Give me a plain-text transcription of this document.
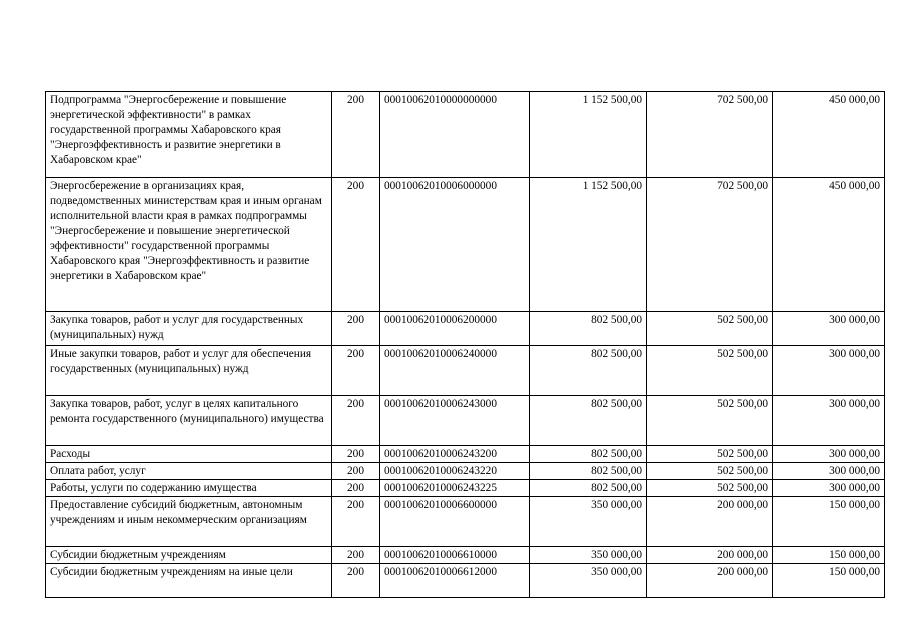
Подпрограмма "Энергосбережение и повышение энергетической эффективности" в рамках государственной программы Хабаровского края "Энергоэффективность и развитие энергетики в Хабаровском крае"	200	00010062010000000000	1 152 500,00	702 500,00	450 000,00
Энергосбережение в организациях края, подведомственных министерствам края и иным органам исполнительной власти края в рамках подпрограммы "Энергосбережение и повышение энергетической эффективности" государственной программы Хабаровского края "Энергоэффективность и развитие энергетики в Хабаровском крае"	200	00010062010006000000	1 152 500,00	702 500,00	450 000,00
Закупка товаров, работ и услуг для государственных (муниципальных) нужд	200	00010062010006200000	802 500,00	502 500,00	300 000,00
Иные закупки товаров, работ и услуг для обеспечения государственных (муниципальных) нужд	200	00010062010006240000	802 500,00	502 500,00	300 000,00
Закупка товаров, работ, услуг в целях капитального ремонта государственного (муниципального) имущества	200	00010062010006243000	802 500,00	502 500,00	300 000,00
Расходы	200	00010062010006243200	802 500,00	502 500,00	300 000,00
Оплата работ, услуг	200	00010062010006243220	802 500,00	502 500,00	300 000,00
Работы, услуги по содержанию имущества	200	00010062010006243225	802 500,00	502 500,00	300 000,00
Предоставление субсидий бюджетным, автономным учреждениям и иным некоммерческим организациям	200	00010062010006600000	350 000,00	200 000,00	150 000,00
Субсидии бюджетным учреждениям	200	00010062010006610000	350 000,00	200 000,00	150 000,00
Субсидии бюджетным учреждениям на иные цели	200	00010062010006612000	350 000,00	200 000,00	150 000,00
